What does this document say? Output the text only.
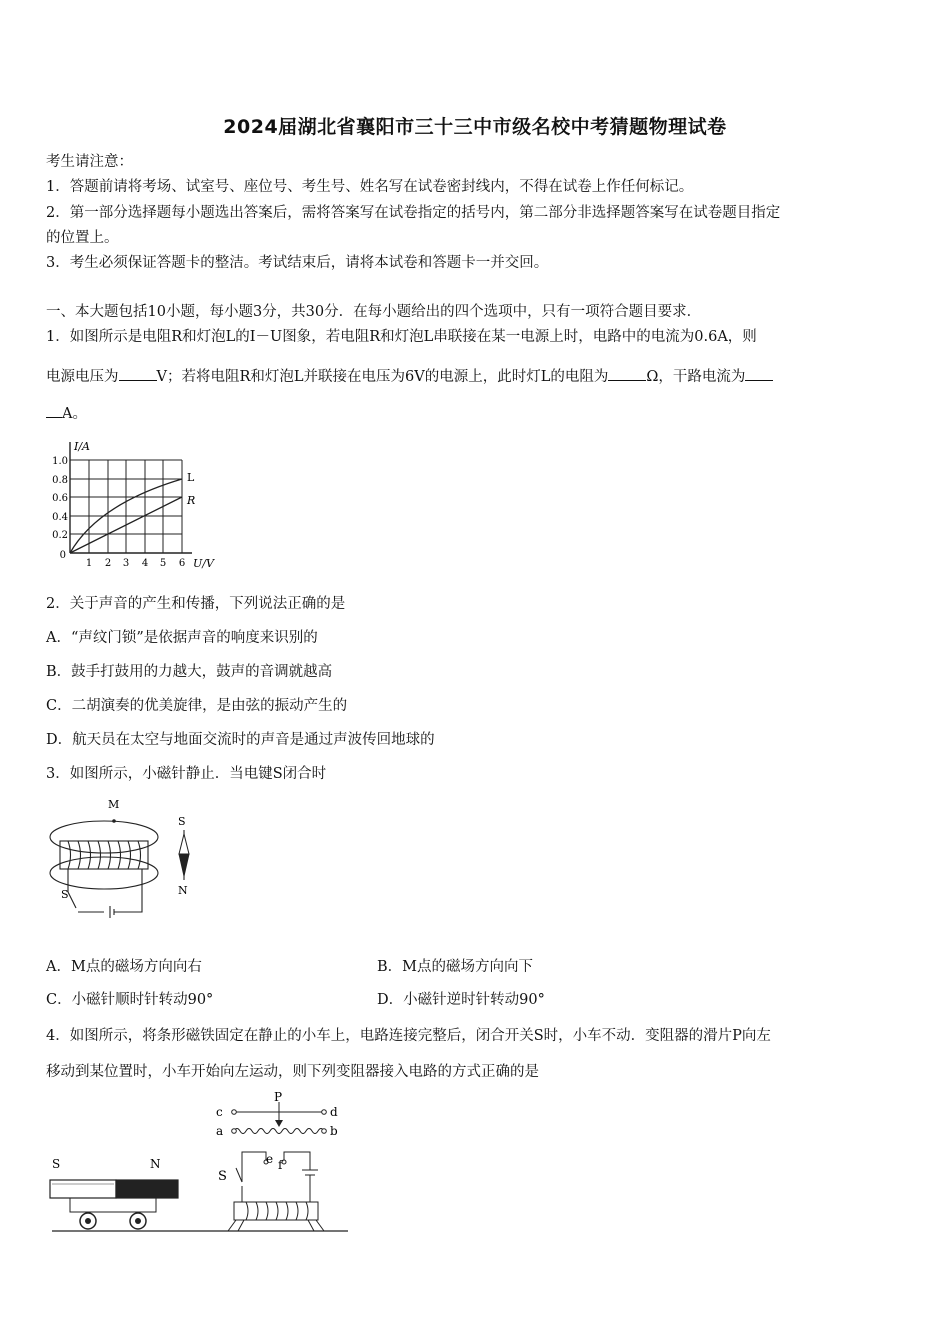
2024届湖北省襄阳市三十三中市级名校中考猜题物理试卷
考生请注意：
1．答题前请将考场、试室号、座位号、考生号、姓名写在试卷密封线内，不得在试卷上作任何标记。
2．第一部分选择题每小题选出答案后，需将答案写在试卷指定的括号内，第二部分非选择题答案写在试卷题目指定
的位置上。
3．考生必须保证答题卡的整洁。考试结束后，请将本试卷和答题卡一并交回。
一、本大题包括10小题，每小题3分，共30分．在每小题给出的四个选项中，只有一项符合题目要求．
1．如图所示是电阻R和灯泡L的I－U图象，若电阻R和灯泡L串联接在某一电源上时，电路中的电流为0.6A，则
电源电压为	V；若将电阻R和灯泡L并联接在电压为6V的电源上，此时灯L的电阻为	Ω，干路电流为
A。
I/A
U/V
1.0
0.8
0.6
0.4
0.2
0
1 2 3 4 5 6
L
R
2．关于声音的产生和传播，下列说法正确的是
A．“声纹门锁”是依据声音的响度来识别的
B．鼓手打鼓用的力越大，鼓声的音调就越高
C．二胡演奏的优美旋律，是由弦的振动产生的
D．航天员在太空与地面交流时的声音是通过声波传回地球的
3．如图所示，小磁针静止．当电键S闭合时
M
S
N
S
A．M点的磁场方向向右	B．M点的磁场方向向下
C．小磁针顺时针转动90°	D．小磁针逆时针转动90°
4．如图所示，将条形磁铁固定在静止的小车上，电路连接完整后，闭合开关S时，小车不动．变阻器的滑片P向左
移动到某位置时，小车开始向左运动，则下列变阻器接入电路的方式正确的是
S	N
P
c	d
a	b
e f
S
